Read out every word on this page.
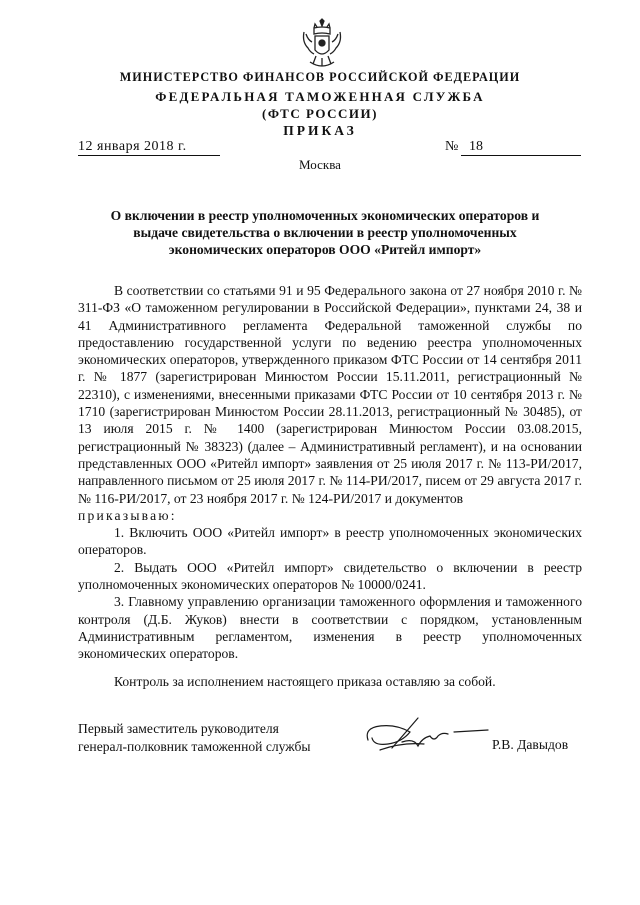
МИНИСТЕРСТВО ФИНАНСОВ РОССИЙСКОЙ ФЕДЕРАЦИИ
ФЕДЕРАЛЬНАЯ ТАМОЖЕННАЯ СЛУЖБА
(ФТС РОССИИ)
ПРИКАЗ
12 января 2018 г.	№ 18
Москва
О включении в реестр уполномоченных экономических операторов и выдаче свидетельства о включении в реестр уполномоченных экономических операторов ООО «Ритейл импорт»

В соответствии со статьями 91 и 95 Федерального закона от 27 ноября 2010 г. № 311-ФЗ «О таможенном регулировании в Российской Федерации», пунктами 24, 38 и 41 Административного регламента Федеральной таможенной службы по предоставлению государственной услуги по ведению реестра уполномоченных экономических операторов, утвержденного приказом ФТС России от 14 сентября 2011 г. № 1877 (зарегистрирован Минюстом России 15.11.2011, регистрационный № 22310), с изменениями, внесенными приказами ФТС России от 10 сентября 2013 г. № 1710 (зарегистрирован Минюстом России 28.11.2013, регистрационный № 30485), от 13 июля 2015 г. № 1400 (зарегистрирован Минюстом России 03.08.2015, регистрационный № 38323) (далее – Административный регламент), и на основании представленных ООО «Ритейл импорт» заявления от 25 июля 2017 г. № 113-РИ/2017, направленного письмом от 25 июля 2017 г. № 114-РИ/2017, писем от 29 августа 2017 г. № 116-РИ/2017, от 23 ноября 2017 г. № 124-РИ/2017 и документов

приказываю:

1. Включить ООО «Ритейл импорт» в реестр уполномоченных экономических операторов.

2. Выдать ООО «Ритейл импорт» свидетельство о включении в реестр уполномоченных экономических операторов № 10000/0241.

3. Главному управлению организации таможенного оформления и таможенного контроля (Д.Б. Жуков) внести в соответствии с порядком, установленным Административным регламентом, изменения в реестр уполномоченных экономических операторов.

Контроль за исполнением настоящего приказа оставляю за собой.
Первый заместитель руководителя
генерал-полковник таможенной службы	Р.В. Давыдов
